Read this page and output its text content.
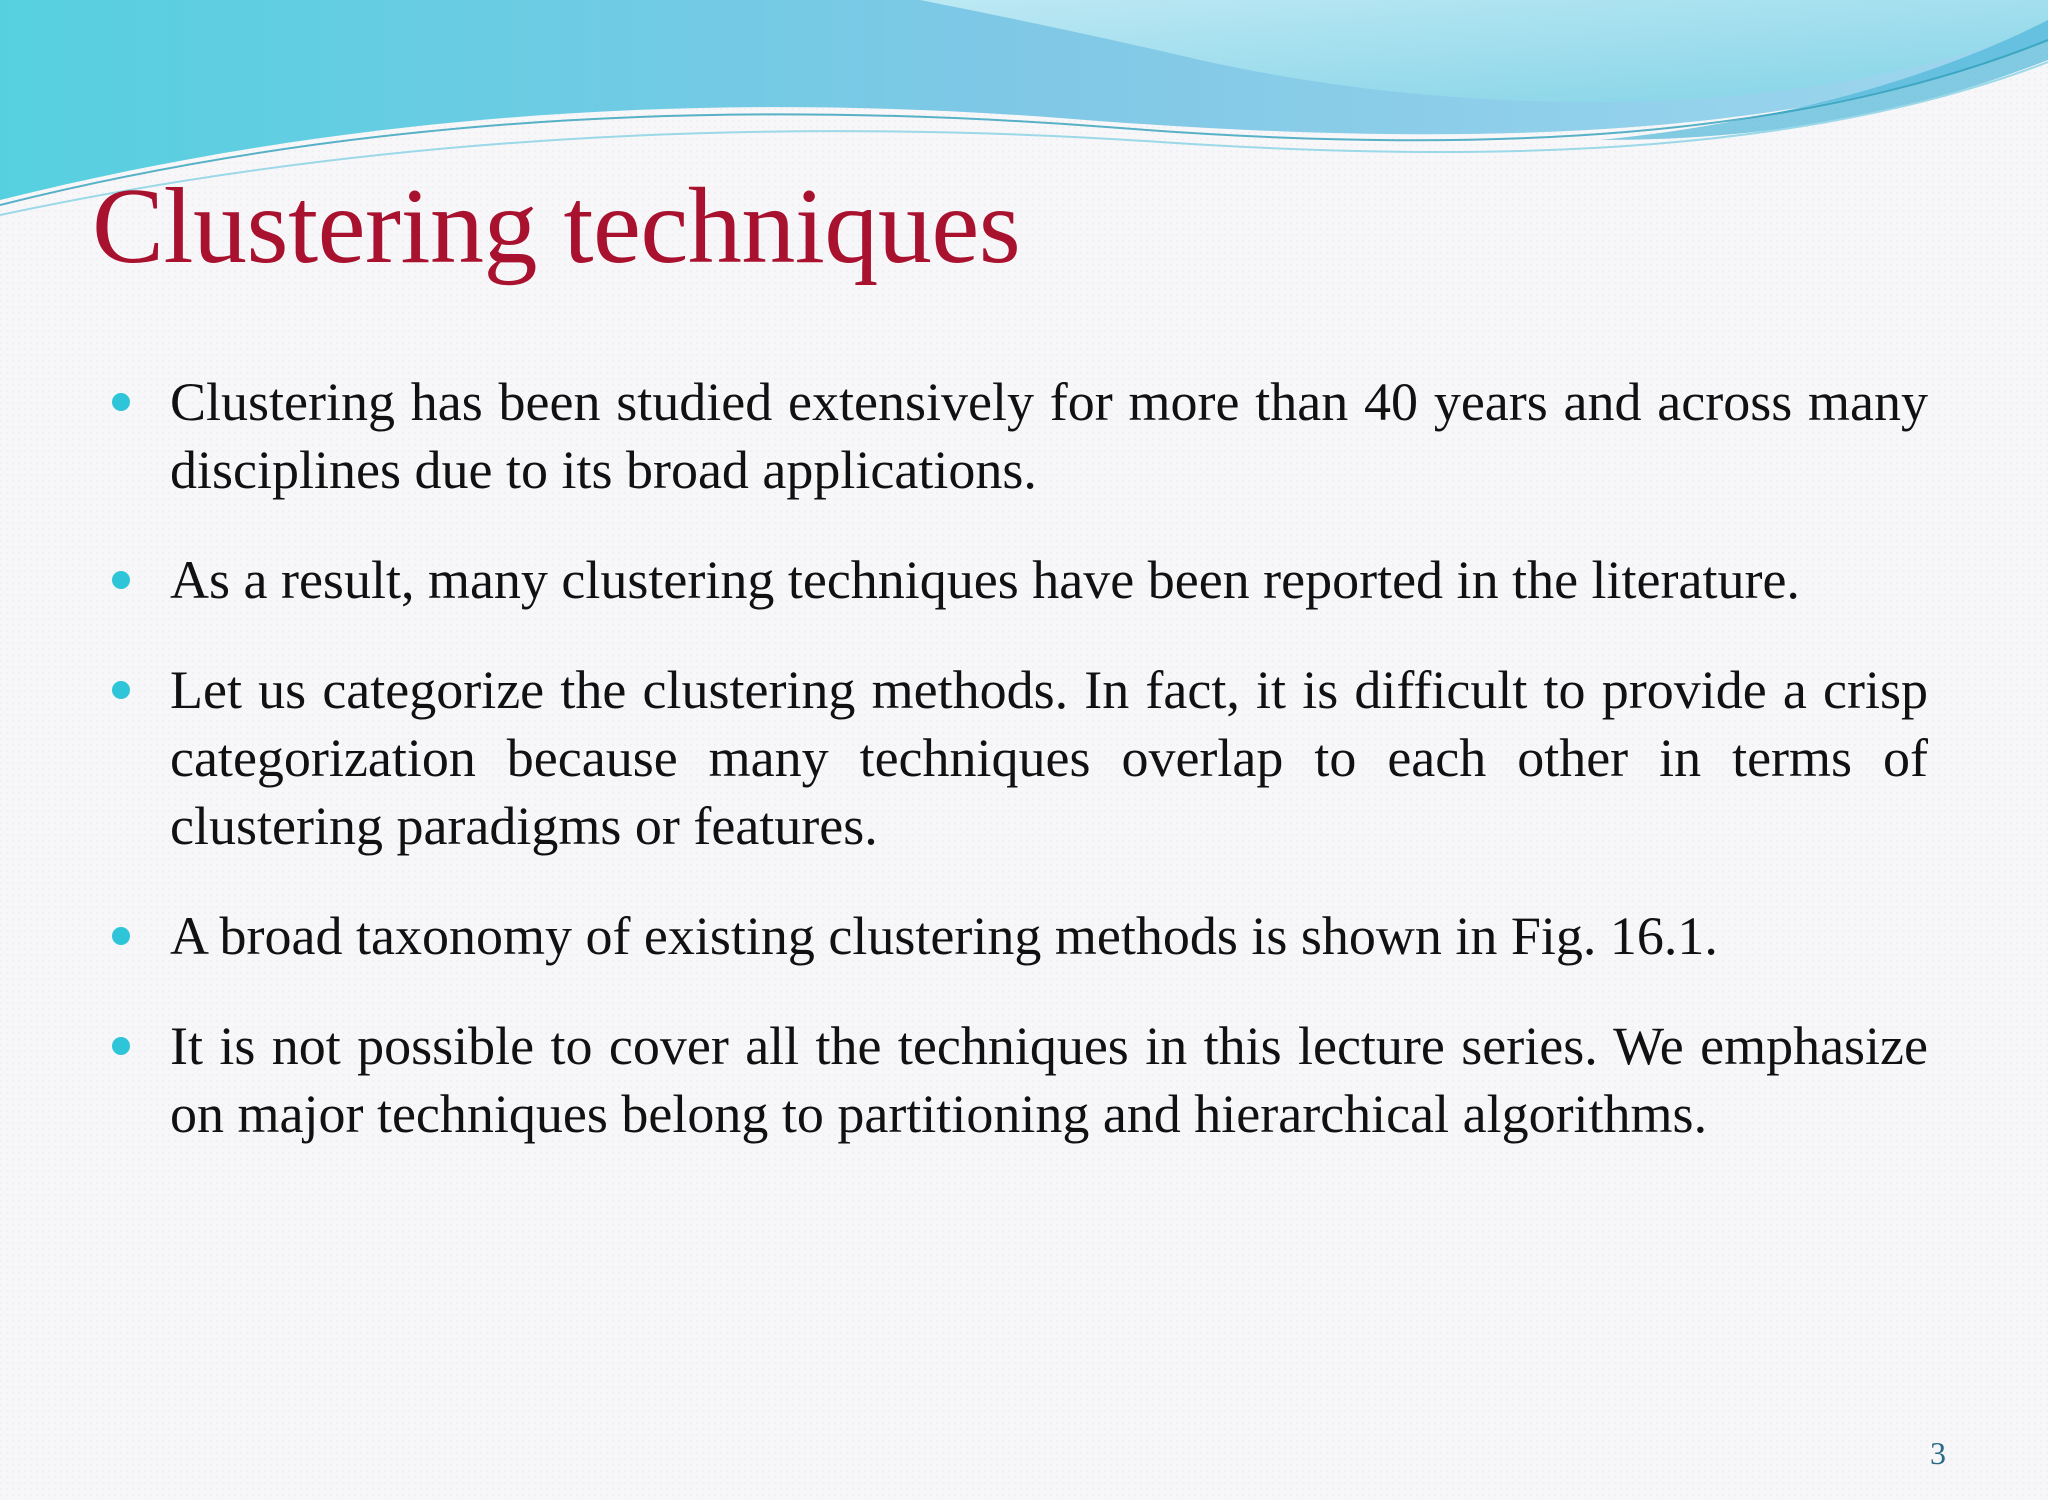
Clustering techniques
Clustering has been studied extensively for more than 40 years and across many disciplines due to its broad applications.
As a result, many clustering techniques have been reported in the literature.
Let us categorize the clustering methods. In fact, it is difficult to provide a crisp categorization because many techniques overlap to each other in terms of clustering paradigms or features.
A broad taxonomy of existing clustering methods is shown in Fig. 16.1.
It is not possible to cover all the techniques in this lecture series. We emphasize on major techniques belong to partitioning and hierarchical algorithms.
3
